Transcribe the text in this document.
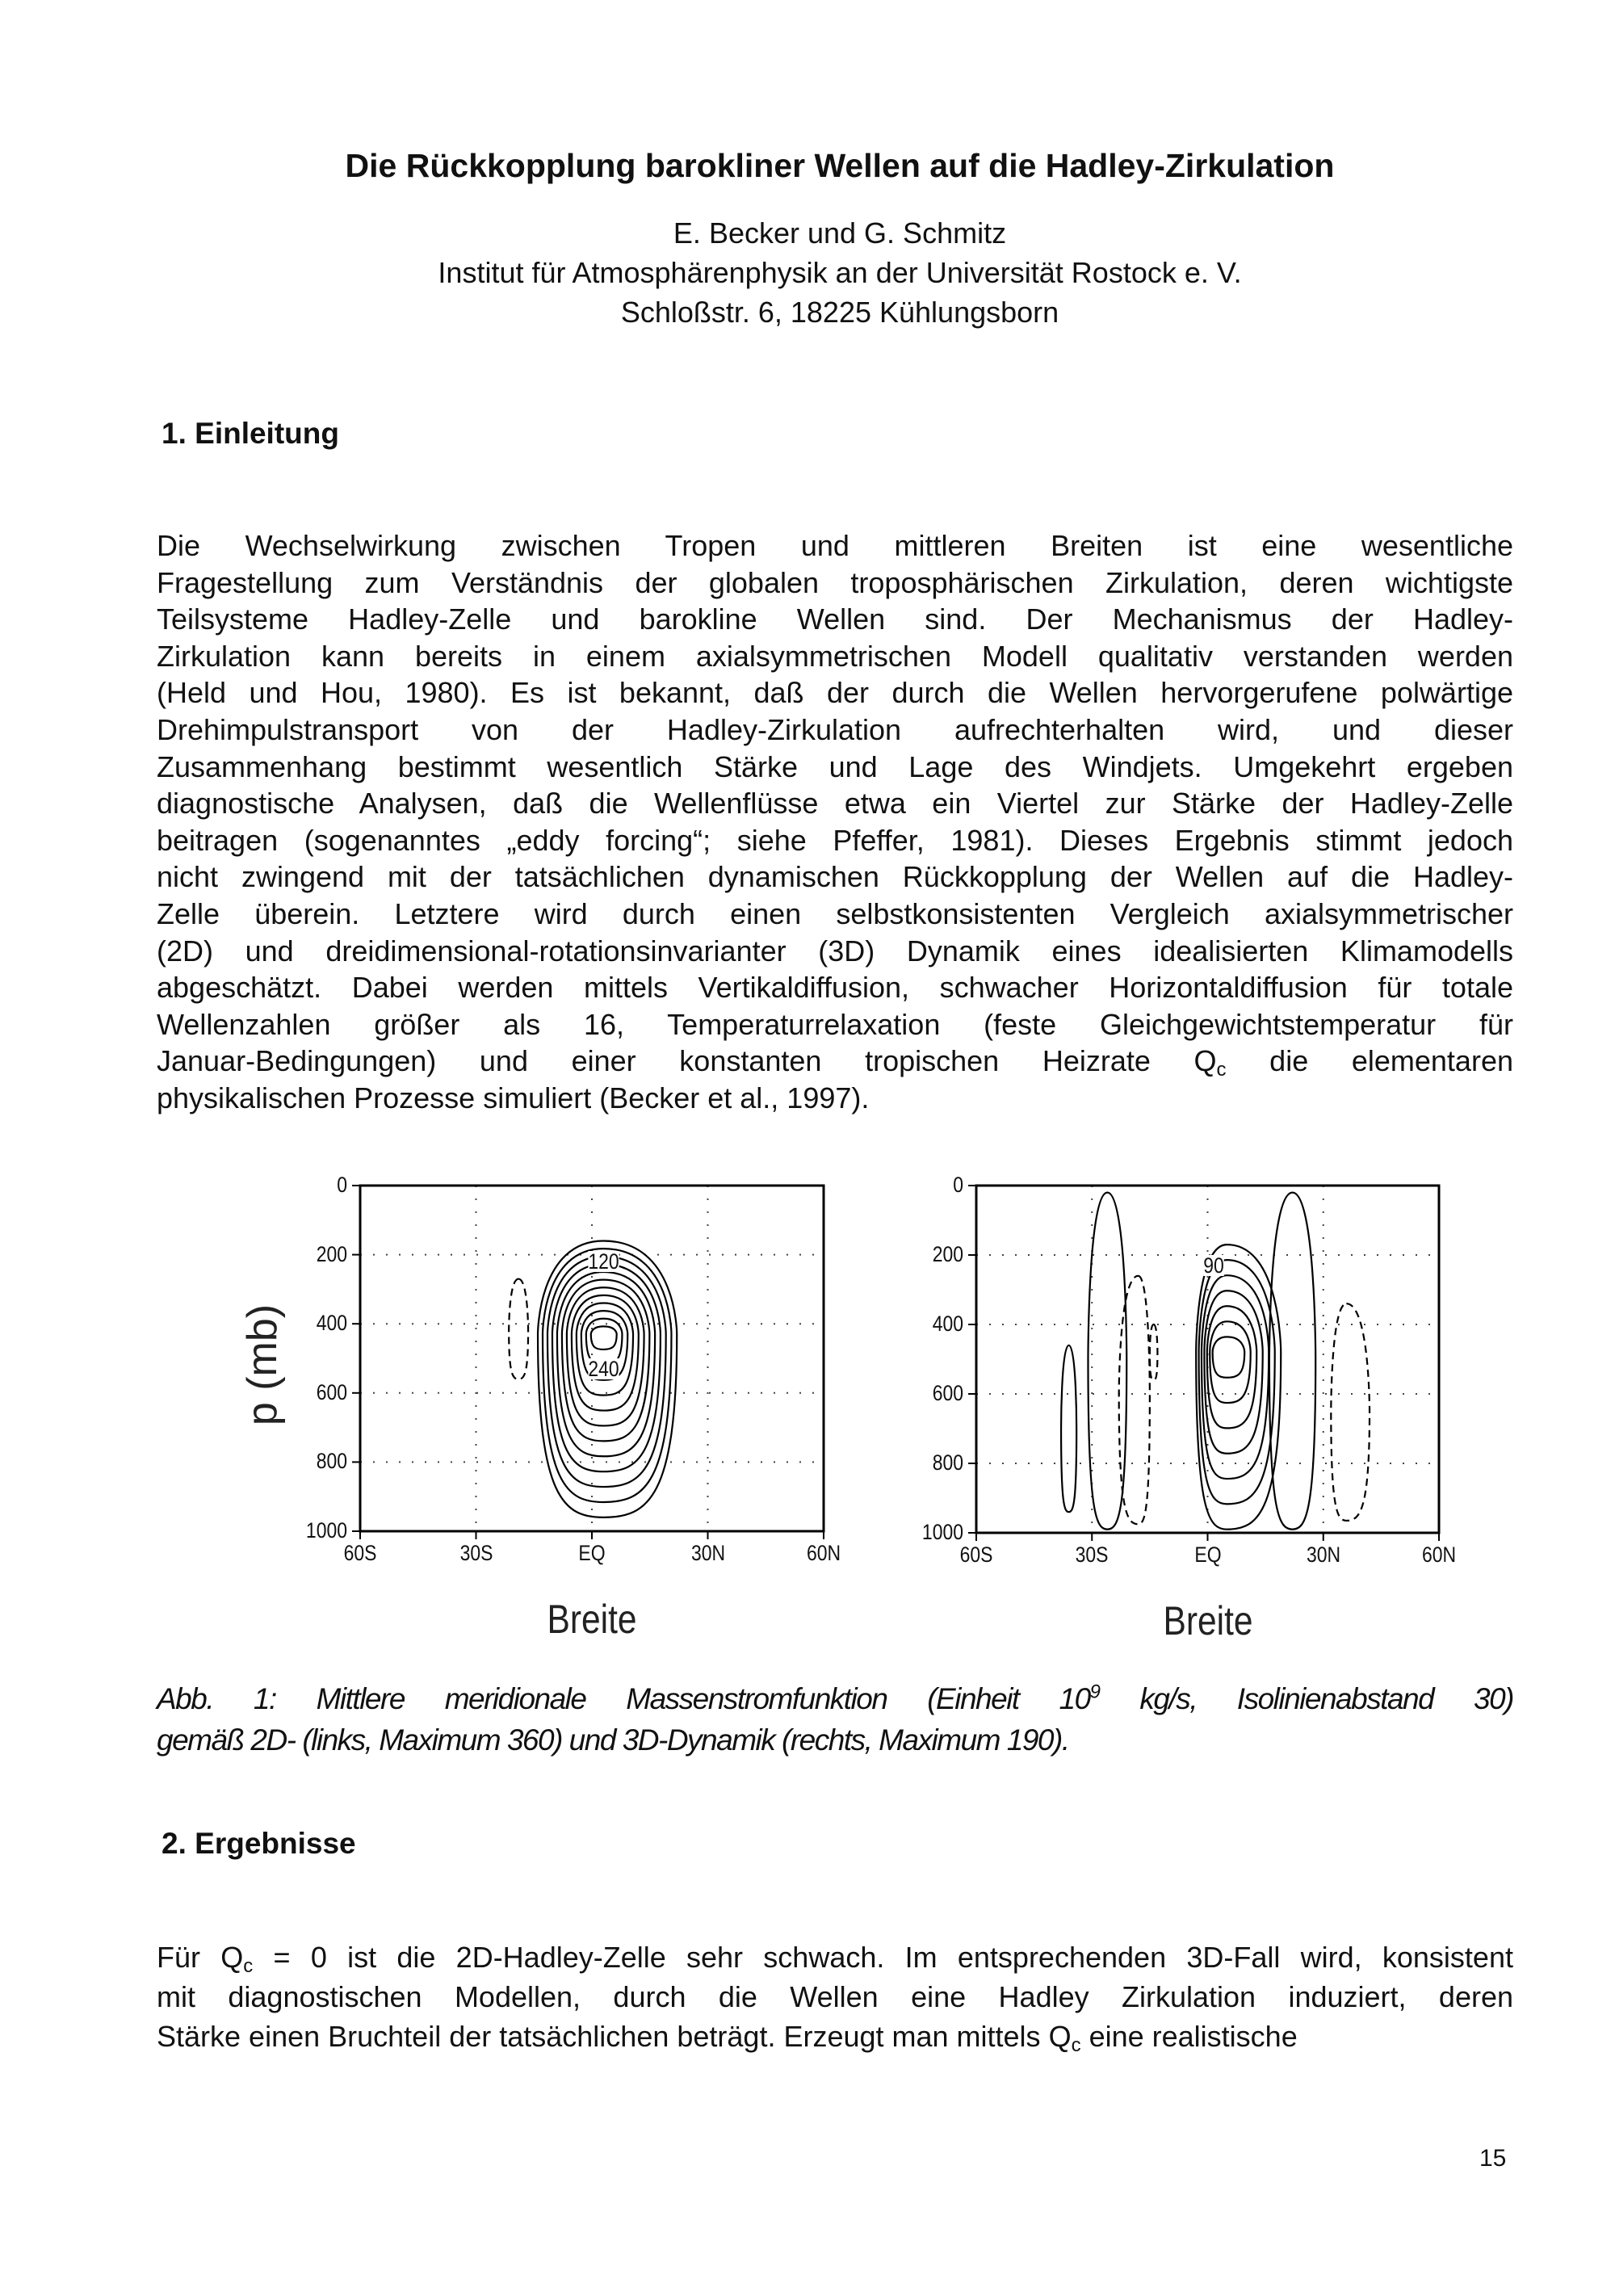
Die Rückkopplung barokliner Wellen auf die Hadley-Zirkulation
E. Becker und G. Schmitz
Institut für Atmosphärenphysik an der Universität Rostock e. V.
Schloßstr. 6, 18225 Kühlungsborn
1. Einleitung
Die Wechselwirkung zwischen Tropen und mittleren Breiten ist eine wesentliche
Fragestellung zum Verständnis der globalen troposphärischen Zirkulation, deren wichtigste
Teilsysteme Hadley-Zelle und barokline Wellen sind. Der Mechanismus der Hadley-
Zirkulation kann bereits in einem axialsymmetrischen Modell qualitativ verstanden werden
(Held und Hou, 1980). Es ist bekannt, daß der durch die Wellen hervorgerufene polwärtige
Drehimpulstransport von der Hadley-Zirkulation aufrechterhalten wird, und dieser
Zusammenhang bestimmt wesentlich Stärke und Lage des Windjets. Umgekehrt ergeben
diagnostische Analysen, daß die Wellenflüsse etwa ein Viertel zur Stärke der Hadley-Zelle
beitragen (sogenanntes „eddy forcing“; siehe Pfeffer, 1981). Dieses Ergebnis stimmt jedoch
nicht zwingend mit der tatsächlichen dynamischen Rückkopplung der Wellen auf die Hadley-
Zelle überein. Letztere wird durch einen selbstkonsistenten Vergleich axialsymmetrischer
(2D) und dreidimensional-rotationsinvarianter (3D) Dynamik eines idealisierten Klimamodells
abgeschätzt. Dabei werden mittels Vertikaldiffusion, schwacher Horizontaldiffusion für totale
Wellenzahlen größer als 16, Temperaturrelaxation (feste Gleichgewichtstemperatur für
Januar-Bedingungen) und einer konstanten tropischen Heizrate $Q_c$ die elementaren
physikalischen Prozesse simuliert (Becker et al., 1997).
p (mb)
0
200
400
600
800
1000
60S	30S	EQ	30N	60N
Breite
120
240
0
200
400
600
800
1000
60S	30S	EQ	30N	60N
Breite
90
Abb. 1: Mittlere meridionale Massenstromfunktion (Einheit $10^9$ kg/s, Isolinienabstand 30)
gemäß 2D- (links, Maximum 360) und 3D-Dynamik (rechts, Maximum 190).
2. Ergebnisse
Für $Q_c = 0$ ist die 2D-Hadley-Zelle sehr schwach. Im entsprechenden 3D-Fall wird, konsistent
mit diagnostischen Modellen, durch die Wellen eine Hadley Zirkulation induziert, deren
Stärke einen Bruchteil der tatsächlichen beträgt. Erzeugt man mittels $Q_c$ eine realistische
15
